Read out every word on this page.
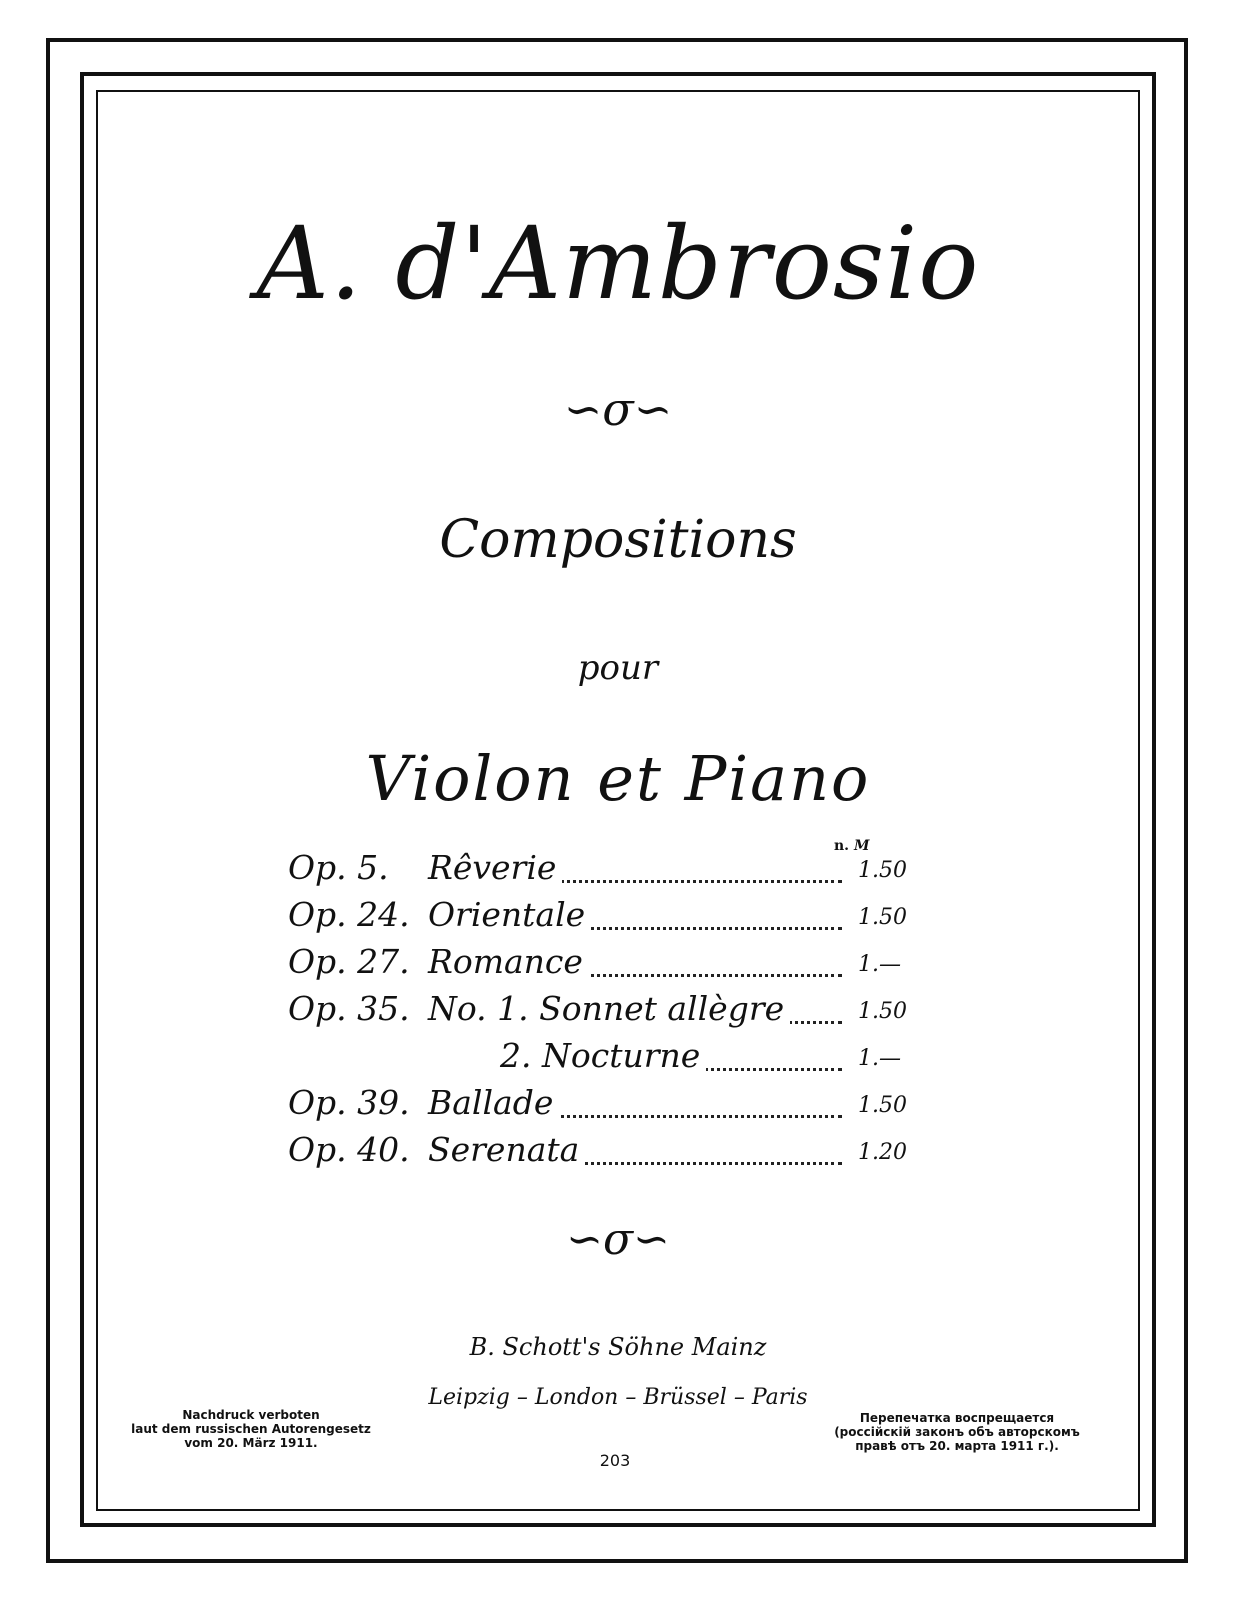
A. d'Ambrosio
∽σ∽
Compositions
pour
Violon et Piano
n. M
Op. 5.	Rêverie	1.50
Op. 24. Orientale	1.50
Op. 27. Romance	1.—
Op. 35. No. 1. Sonnet allègre	1.50
2. Nocturne	1.—
Op. 39. Ballade	1.50
Op. 40. Serenata	1.20
∽σ∽
B. Schott's Söhne Mainz
Leipzig – London – Brüssel – Paris
Nachdruck verboten
laut dem russischen Autorengesetz
vom 20. März 1911.
203
Перепечатка воспрещается
(россійскій законъ объ авторскомъ
правѣ отъ 20. марта 1911 г.).
